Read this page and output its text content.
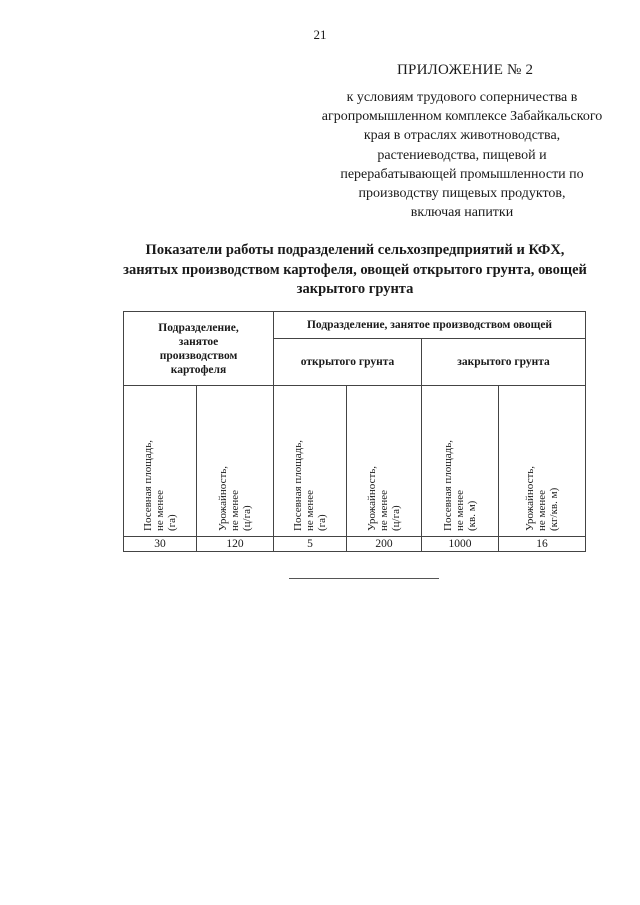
21
ПРИЛОЖЕНИЕ № 2
к условиям трудового соперничества в
агропромышленном комплексе Забайкальского
края в отраслях животноводства,
растениеводства, пищевой и
перерабатывающей промышленности по
производству пищевых продуктов,
включая напитки
Показатели работы подразделений сельхозпредприятий и КФХ,
занятых производством картофеля, овощей открытого грунта, овощей
закрытого грунта
Подразделение,
занятое
производством
картофеля		Подразделение, занятое производством овощей			
		открытого грунта		закрытого грунта	

Посевная площадь, не менее (га)	Урожайность, не менее (ц/га)	Посевная площадь, не менее (га)	Урожайность, не менее (ц/га)	Посевная площадь, не менее (кв. м)	Урожайность, не менее (кг/кв. м)

30	120	5	200	1000	16
